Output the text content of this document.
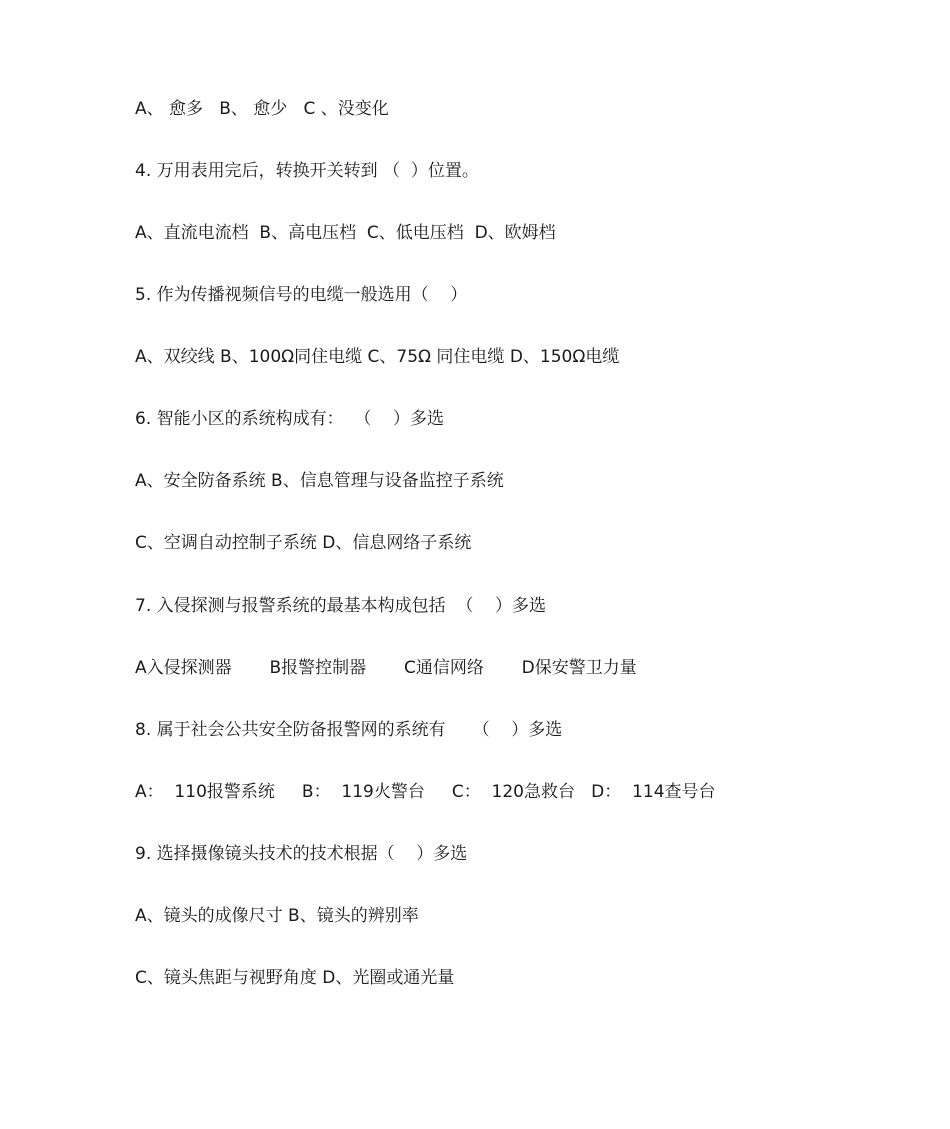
A、 愈多   B、 愈少   C 、没变化
4. 万用表用完后，转换开关转到 （  ）位置。
A、直流电流档  B、高电压档  C、低电压档  D、欧姆档
5. 作为传播视频信号的电缆一般选用（    ）
A、双绞线 B、100Ω同住电缆 C、75Ω 同住电缆 D、150Ω电缆
6. 智能小区的系统构成有：  （    ）多选
A、安全防备系统 B、信息管理与设备监控子系统
C、空调自动控制子系统 D、信息网络子系统
7. 入侵探测与报警系统的最基本构成包括  （    ）多选
A入侵探测器       B报警控制器       C通信网络       D保安警卫力量
8. 属于社会公共安全防备报警网的系统有     （    ）多选
A：  110报警系统     B：  119火警台     C：  120急救台   D：  114查号台
9. 选择摄像镜头技术的技术根据（    ）多选
A、镜头的成像尺寸 B、镜头的辨别率
C、镜头焦距与视野角度 D、光圈或通光量
